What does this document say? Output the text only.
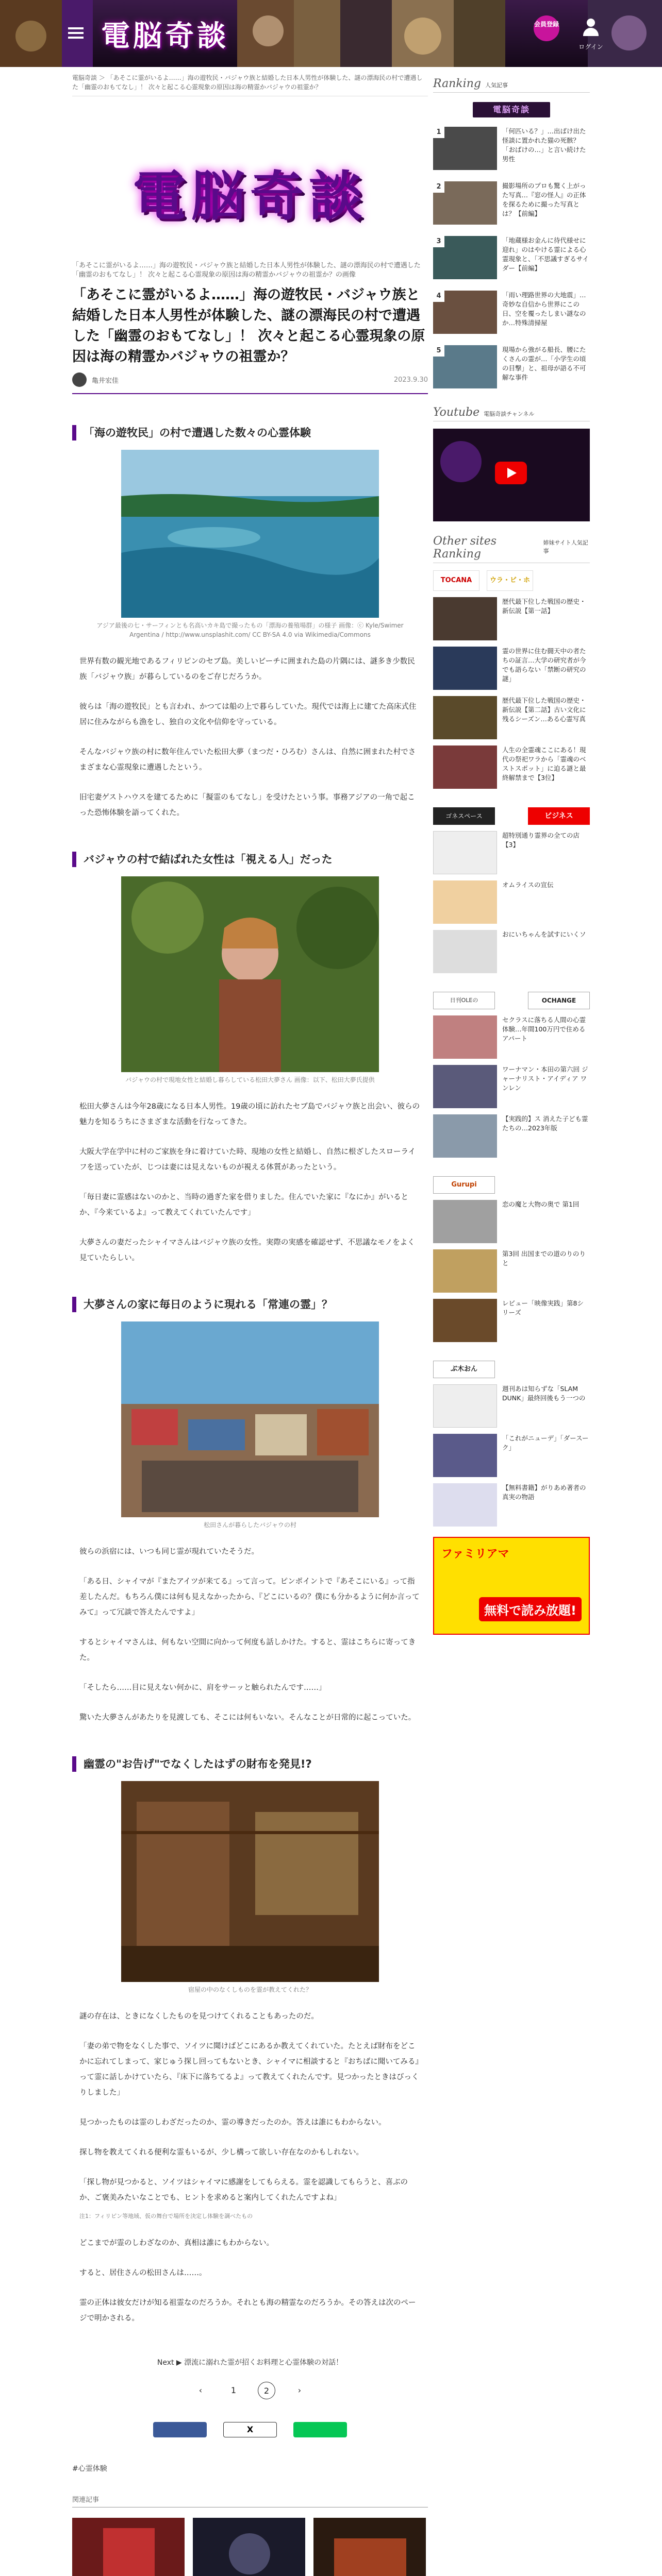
電脳奇談	会員登録
ログイン
電脳奇談 ＞ 「あそこに霊がいるよ……」海の遊牧民・バジャウ族と結婚した日本人男性が体験した、謎の漂海民の村で遭遇した「幽霊のおもてなし」！ 次々と起こる心霊現象の原因は海の精霊かバジャウの祖霊か？
電脳奇談
「あそこに霊がいるよ……」海の遊牧民・バジャウ族と結婚した日本人男性が体験した、謎の漂海民の村で遭遇した「幽霊のおもてなし」！ 次々と起こる心霊現象の原因は海の精霊かバジャウの祖霊か？の画像
「あそこに霊がいるよ……」海の遊牧民・バジャウ族と結婚した日本人男性が体験した、謎の漂海民の村で遭遇した「幽霊のおもてなし」！ 次々と起こる心霊現象の原因は海の精霊かバジャウの祖霊か？
亀井宏佳	2023.9.30
「海の遊牧民」の村で遭遇した数々の心霊体験
アジア最後の七・サーフィンとも名高いカキ島で撮ったもの「漂海の養殖場群」の様子 画像：ⓒ Kyle/Swimer Argentina / http://www.unsplashit.com/ CC BY-SA 4.0 via Wikimedia/Commons

世界有数の観光地であるフィリピンのセブ島。美しいビーチに囲まれた島の片隅には、謎多き少数民族「バジャウ族」が暮らしているのをご存じだろうか。

彼らは「海の遊牧民」とも言われ、かつては船の上で暮らしていた。現代では海上に建てた高床式住居に住みながらも漁をし、独自の文化や信仰を守っている。

そんなバジャウ族の村に数年住んでいた松田大夢（まつだ・ひろむ）さんは、自然に囲まれた村でさまざまな心霊現象に遭遇したという。

旧宅妻ゲストハウスを建てるために「擬霊のもてなし」を受けたという事。事務アジアの一角で起こった恐怖体験を語ってくれた。

バジャウの村で結ばれた女性は「視える人」だった
バジャウの村で現地女性と結婚し暮らしている松田大夢さん 画像：以下、松田大夢氏提供

松田大夢さんは今年28歳になる日本人男性。19歳の頃に訪れたセブ島でバジャウ族と出会い、彼らの魅力を知るうちにさまざまな活動を行なってきた。

大阪大学在学中に村のご家族を身に着けていた時、現地の女性と結婚し、自然に根ざしたスローライフを送っていたが、じつは妻には見えないものが視える体質があったという。

「毎日妻に霊感はないのかと、当時の過ぎた家を借りました。住んでいた家に『なにか』がいるとか、『今来ているよ』って教えてくれていたんです」

大夢さんの妻だったシャイマさんはバジャウ族の女性。実際の実感を確認せず、不思議なモノをよく見ていたらしい。

大夢さんの家に毎日のように現れる「常連の霊」？
松田さんが暮らしたバジャウの村

彼らの浜宿には、いつも同じ霊が現れていたそうだ。

「ある日、シャイマが『またアイツが来てる』って言って。ピンポイントで『あそこにいる』って指差したんだ。もちろん僕には何も見えなかったから、『どこにいるの？僕にも分かるように何か言ってみて』って冗談で答えたんですよ」

するとシャイマさんは、何もない空間に向かって何度も話しかけた。すると、霊はこちらに寄ってきた。

「そしたら……目に見えない何かに、肩をサーッと触られたんです……」

驚いた大夢さんがあたりを見渡しても、そこには何もいない。そんなことが日常的に起こっていた。

幽霊の"お告げ"でなくしたはずの財布を発見!?
宿屋の中のなくしものを霊が教えてくれた？

謎の存在は、ときになくしたものを見つけてくれることもあったのだ。

「妻の弟で物をなくした事で、ソイツに聞けばどこにあるか教えてくれていた。たとえば財布をどこかに忘れてしまって、家じゅう探し回ってもないとき、シャイマに相談すると『おちばに聞いてみる』って霊に話しかけていたら、『床下に落ちてるよ』って教えてくれたんです。見つかったときはびっくりしました」

見つかったものは霊のしわざだったのか、霊の導きだったのか。答えは誰にもわからない。

探し物を教えてくれる便利な霊もいるが、少し構って欲しい存在なのかもしれない。

「探し物が見つかると、ソイツはシャイマに感謝をしてもらえる。霊を認識してもらうと、喜ぶのか、ご褒美みたいなことでも、ヒントを求めると案内してくれたんですよね」

注1：フィリピン等地域、仮の舞台で場所を決定し体験を調べたもの

どこまでが霊のしわざなのか、真相は誰にもわからない。

すると、居住さんの松田さんは……。

霊の正体は彼女だけが知る祖霊なのだろうか。それとも海の精霊なのだろうか。その答えは次のページで明かされる。

Next ▶ 漂流に溺れた霊が招くお料理と心霊体験の対話！
‹	1	2	›
X
#心霊体験
関連記事
Ranking 人気記事
電脳奇談
1	「何匹いる？」…出ばけ出た怪談に置かれた猫の死骸？ 「おばけの…」と言い続けた男性
2	撮影場所のプロも驚く上がった写真…『窓の怪人』の正体を探るために撮った写真とは？【前編】
3	「地蔵様お金んに待代様せに迎れ」のはやける霊による心霊現象と、「不思議すぎるサイダー【前編】
4	「雨い理路世界の大地震」…奇妙な自信から世界にこの日、空を覆ったしまい謎なのか…特殊清掃屋
5	現場から強がる船長、腰にたくさんの霊が…「小学生の頃の目撃」と、祖母が語る不可解な事件
Youtube 電脳奇談チャンネル
Other sites Ranking
姉妹サイト人気記事
TOCANA	ウラ・ビ・ホ
歴代最下位した戦国の歴史・新伝説【第一話】
霊の世界に住む闘天中の者たちの証言…大学の研究者が今でも語らない「禁断の研究の謎」
歴代最下位した戦国の歴史・新伝説【第二話】古い文化に残るシーズン…ある心霊写真
人生の全霊魂ここにある！現代の祭祀ワラから「霊魂のベストスポット」に迫る謎と最終解禁まで【3位】
ゴネスペース	ビジネス
超特別通り霊界の全ての店【3】
オムライスの宣伝
おにいちゃんを試すにいくソ
日刊OLEの	OCHANGE
セクラスに落ちる人間の心霊体験…年間100万円で住めるアパート
ワーナマン・本田の第六回 ジャーナリスト・アイディア ワンレン
【実践的】ス 消えた子ども霊たちの…2023年版
Gurupi
恋の魔と大物の奥で 第1回
第3回 出国までの道のりのりと
レビュー「映像実践」第8シリーズ
ぶ木おん
週刊あは知らずな「SLAM DUNK」最終回後もう一つの
「これがニューデ」「ダースーク」
【無料書籍】がりあめ著者の真実の物語
ファミリアマ
無料で読み放題!
